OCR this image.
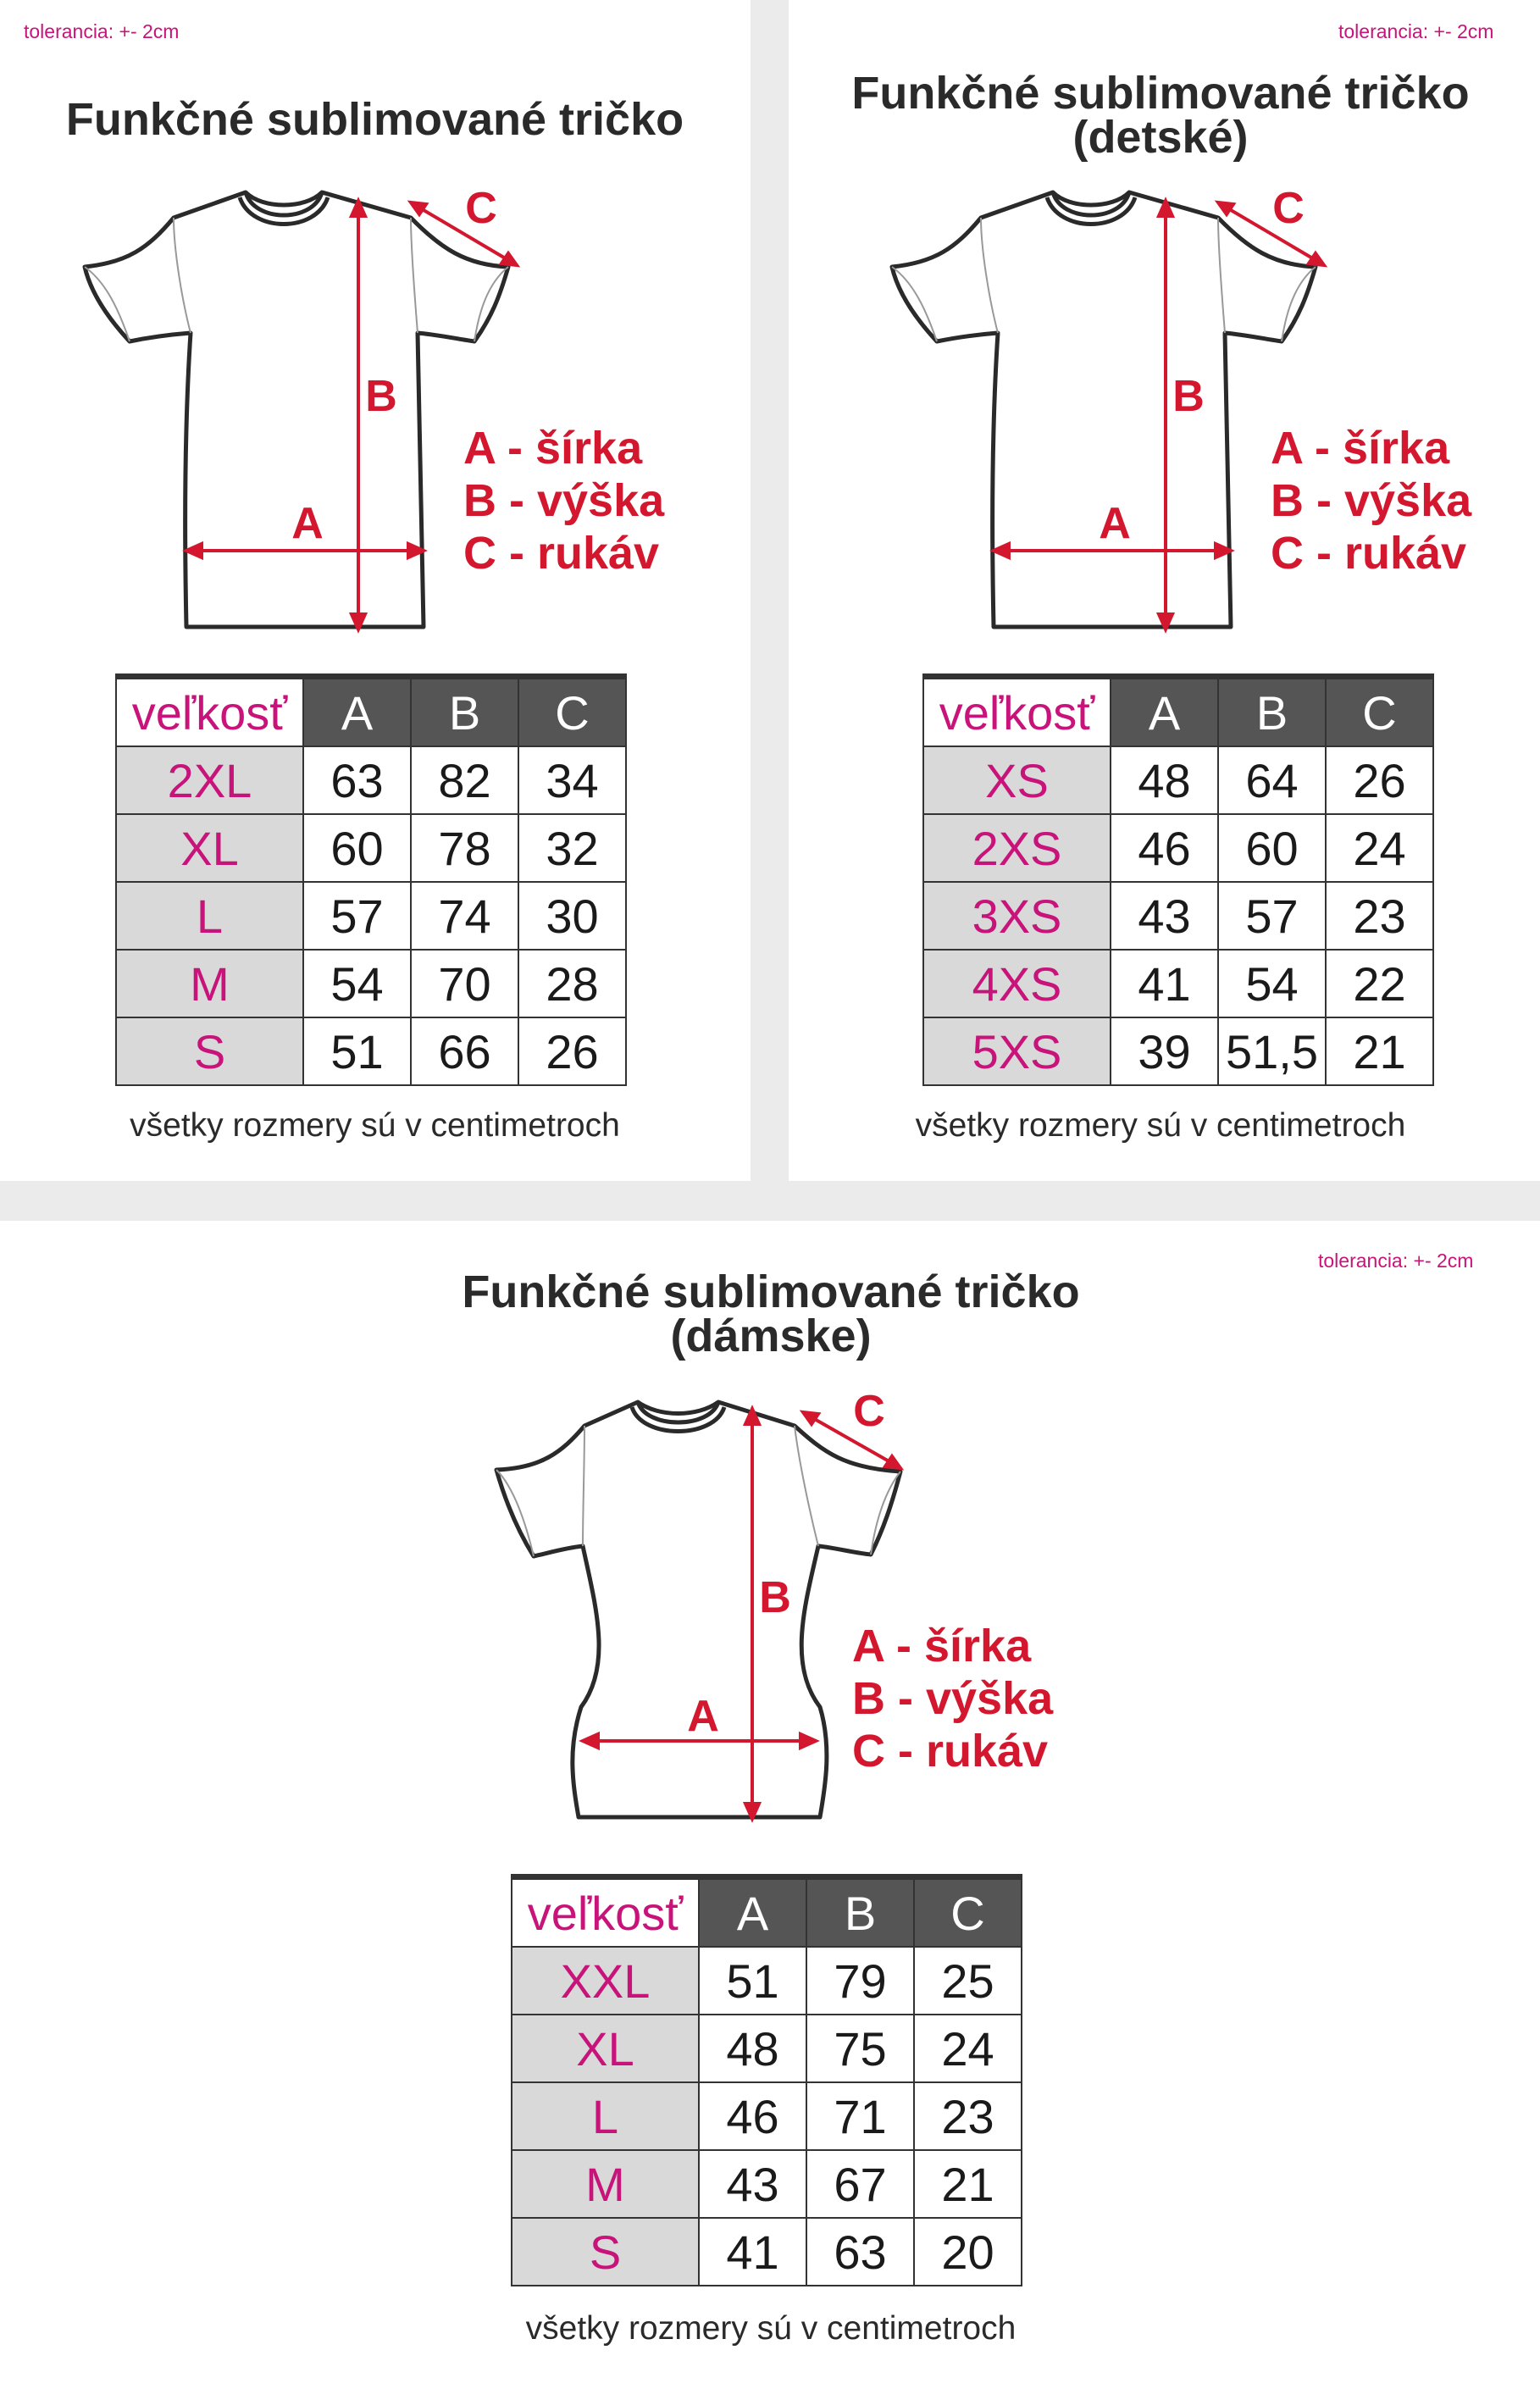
tolerancia: +- 2cm
Funkčné sublimované tričko
A
B
C
A - šírka
B - výška
C - rukáv
veľkosť	A	B	C
2XL	63	82	34
XL	60	78	32
L	57	74	30
M	54	70	28
S	51	66	26
všetky rozmery sú v centimetroch
tolerancia: +- 2cm
Funkčné sublimované tričko
(detské)
A
B
C
A - šírka
B - výška
C - rukáv
veľkosť	A	B	C
XS	48	64	26
2XS	46	60	24
3XS	43	57	23
4XS	41	54	22
5XS	39	51,5	21
všetky rozmery sú v centimetroch
tolerancia: +- 2cm
Funkčné sublimované tričko
(dámske)
A
B
C
A - šírka
B - výška
C - rukáv
veľkosť	A	B	C
XXL	51	79	25
XL	48	75	24
L	46	71	23
M	43	67	21
S	41	63	20
všetky rozmery sú v centimetroch
